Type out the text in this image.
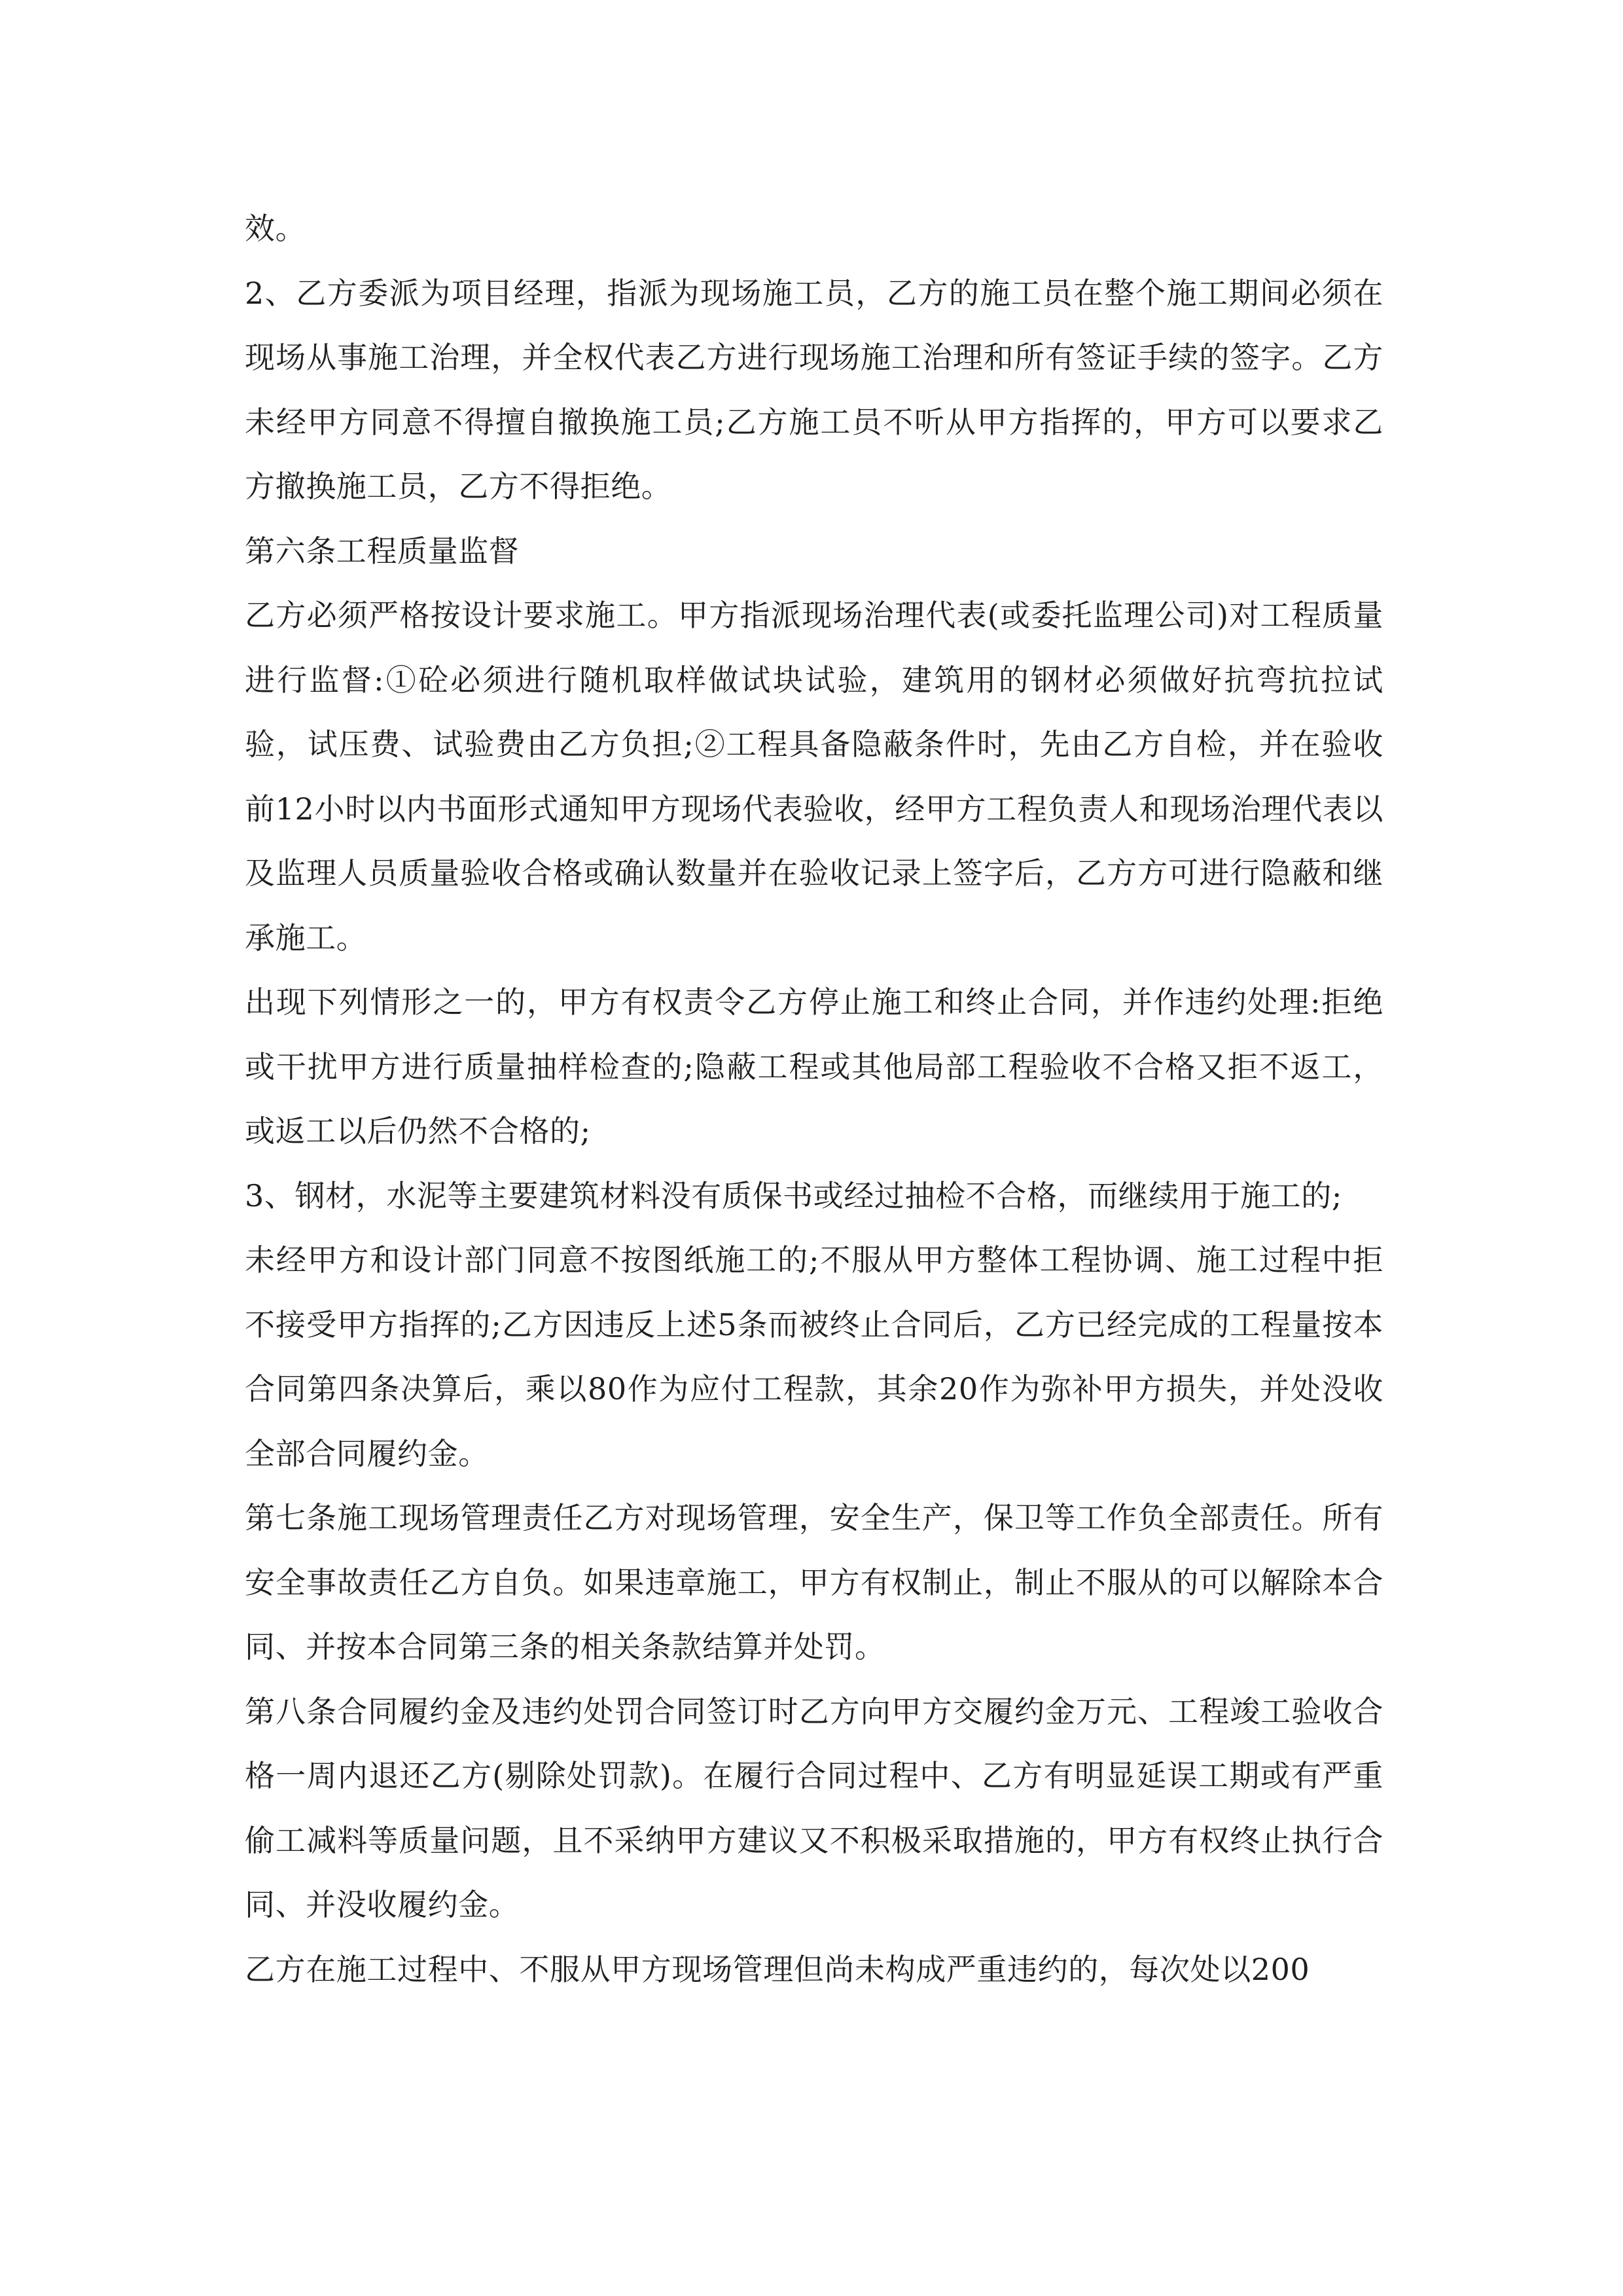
效。

2、乙方委派为项目经理，指派为现场施工员，乙方的施工员在整个施工期间必须在现场从事施工治理，并全权代表乙方进行现场施工治理和所有签证手续的签字。乙方未经甲方同意不得擅自撤换施工员;乙方施工员不听从甲方指挥的，甲方可以要求乙方撤换施工员，乙方不得拒绝。

第六条工程质量监督

乙方必须严格按设计要求施工。甲方指派现场治理代表(或委托监理公司)对工程质量进行监督:①砼必须进行随机取样做试块试验，建筑用的钢材必须做好抗弯抗拉试验，试压费、试验费由乙方负担;②工程具备隐蔽条件时，先由乙方自检，并在验收前12小时以内书面形式通知甲方现场代表验收，经甲方工程负责人和现场治理代表以及监理人员质量验收合格或确认数量并在验收记录上签字后，乙方方可进行隐蔽和继承施工。

出现下列情形之一的，甲方有权责令乙方停止施工和终止合同，并作违约处理:拒绝或干扰甲方进行质量抽样检查的;隐蔽工程或其他局部工程验收不合格又拒不返工，或返工以后仍然不合格的;

3、钢材，水泥等主要建筑材料没有质保书或经过抽检不合格，而继续用于施工的;

未经甲方和设计部门同意不按图纸施工的;不服从甲方整体工程协调、施工过程中拒不接受甲方指挥的;乙方因违反上述5条而被终止合同后，乙方已经完成的工程量按本合同第四条决算后，乘以80作为应付工程款，其余20作为弥补甲方损失，并处没收全部合同履约金。

第七条施工现场管理责任乙方对现场管理，安全生产，保卫等工作负全部责任。所有安全事故责任乙方自负。如果违章施工，甲方有权制止，制止不服从的可以解除本合同、并按本合同第三条的相关条款结算并处罚。

第八条合同履约金及违约处罚合同签订时乙方向甲方交履约金万元、工程竣工验收合格一周内退还乙方(剔除处罚款)。在履行合同过程中、乙方有明显延误工期或有严重偷工减料等质量问题，且不采纳甲方建议又不积极采取措施的，甲方有权终止执行合同、并没收履约金。

乙方在施工过程中、不服从甲方现场管理但尚未构成严重违约的，每次处以200
